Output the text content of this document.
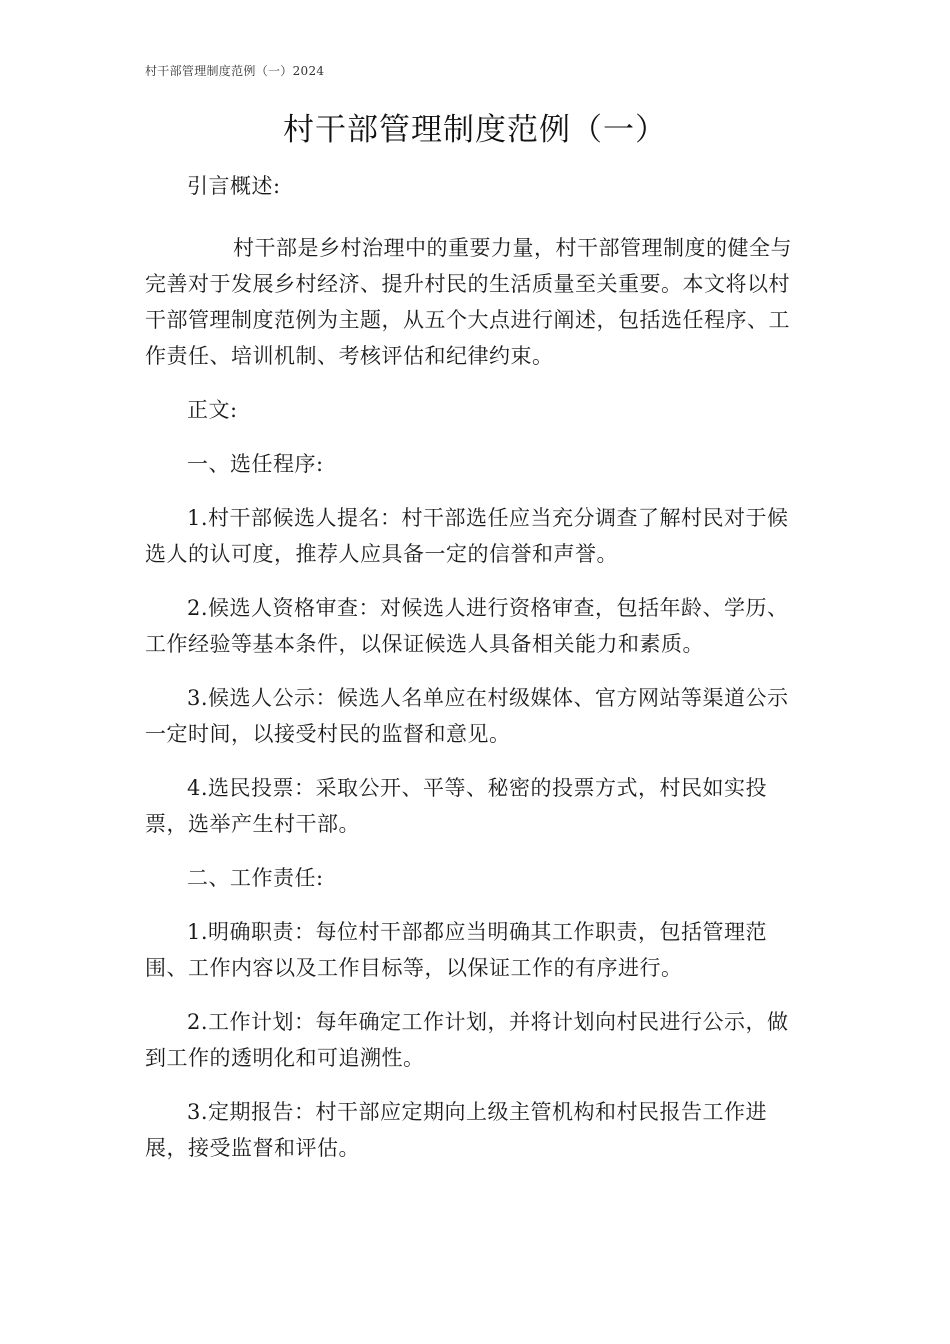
村干部管理制度范例（一）2024
村干部管理制度范例（一）

引言概述:

村干部是乡村治理中的重要力量，村干部管理制度的健全与完善对于发展乡村经济、提升村民的生活质量至关重要。本文将以村干部管理制度范例为主题，从五个大点进行阐述，包括选任程序、工作责任、培训机制、考核评估和纪律约束。

正文:

一、选任程序:

1.村干部候选人提名：村干部选任应当充分调查了解村民对于候选人的认可度，推荐人应具备一定的信誉和声誉。

2.候选人资格审查：对候选人进行资格审查，包括年龄、学历、工作经验等基本条件，以保证候选人具备相关能力和素质。

3.候选人公示：候选人名单应在村级媒体、官方网站等渠道公示一定时间，以接受村民的监督和意见。

4.选民投票：采取公开、平等、秘密的投票方式，村民如实投票，选举产生村干部。

二、工作责任:

1.明确职责：每位村干部都应当明确其工作职责，包括管理范围、工作内容以及工作目标等，以保证工作的有序进行。

2.工作计划：每年确定工作计划，并将计划向村民进行公示，做到工作的透明化和可追溯性。

3.定期报告：村干部应定期向上级主管机构和村民报告工作进展，接受监督和评估。
